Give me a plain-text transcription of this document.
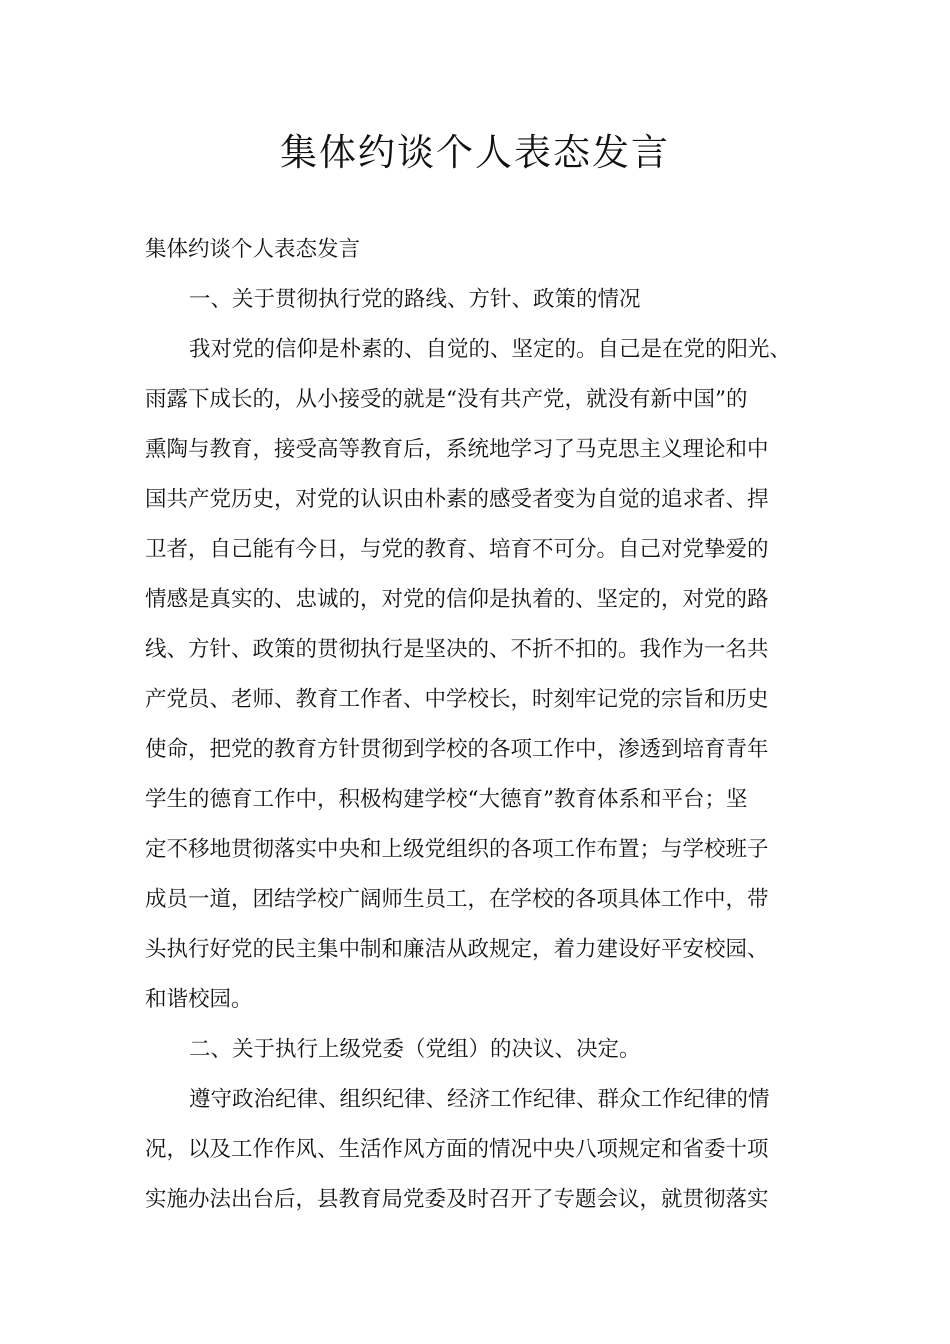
集体约谈个人表态发言

集体约谈个人表态发言

一、关于贯彻执行党的路线、方针、政策的情况

我对党的信仰是朴素的、自觉的、坚定的。自己是在党的阳光、

雨露下成长的，从小接受的就是“没有共产党，就没有新中国”的

熏陶与教育，接受高等教育后，系统地学习了马克思主义理论和中

国共产党历史，对党的认识由朴素的感受者变为自觉的追求者、捍

卫者，自己能有今日，与党的教育、培育不可分。自己对党挚爱的

情感是真实的、忠诚的，对党的信仰是执着的、坚定的，对党的路

线、方针、政策的贯彻执行是坚决的、不折不扣的。我作为一名共

产党员、老师、教育工作者、中学校长，时刻牢记党的宗旨和历史

使命，把党的教育方针贯彻到学校的各项工作中，渗透到培育青年

学生的德育工作中，积极构建学校“大德育”教育体系和平台；坚

定不移地贯彻落实中央和上级党组织的各项工作布置；与学校班子

成员一道，团结学校广阔师生员工，在学校的各项具体工作中，带

头执行好党的民主集中制和廉洁从政规定，着力建设好平安校园、

和谐校园。

二、关于执行上级党委（党组）的决议、决定。

遵守政治纪律、组织纪律、经济工作纪律、群众工作纪律的情

况，以及工作作风、生活作风方面的情况中央八项规定和省委十项

实施办法出台后，县教育局党委及时召开了专题会议，就贯彻落实
